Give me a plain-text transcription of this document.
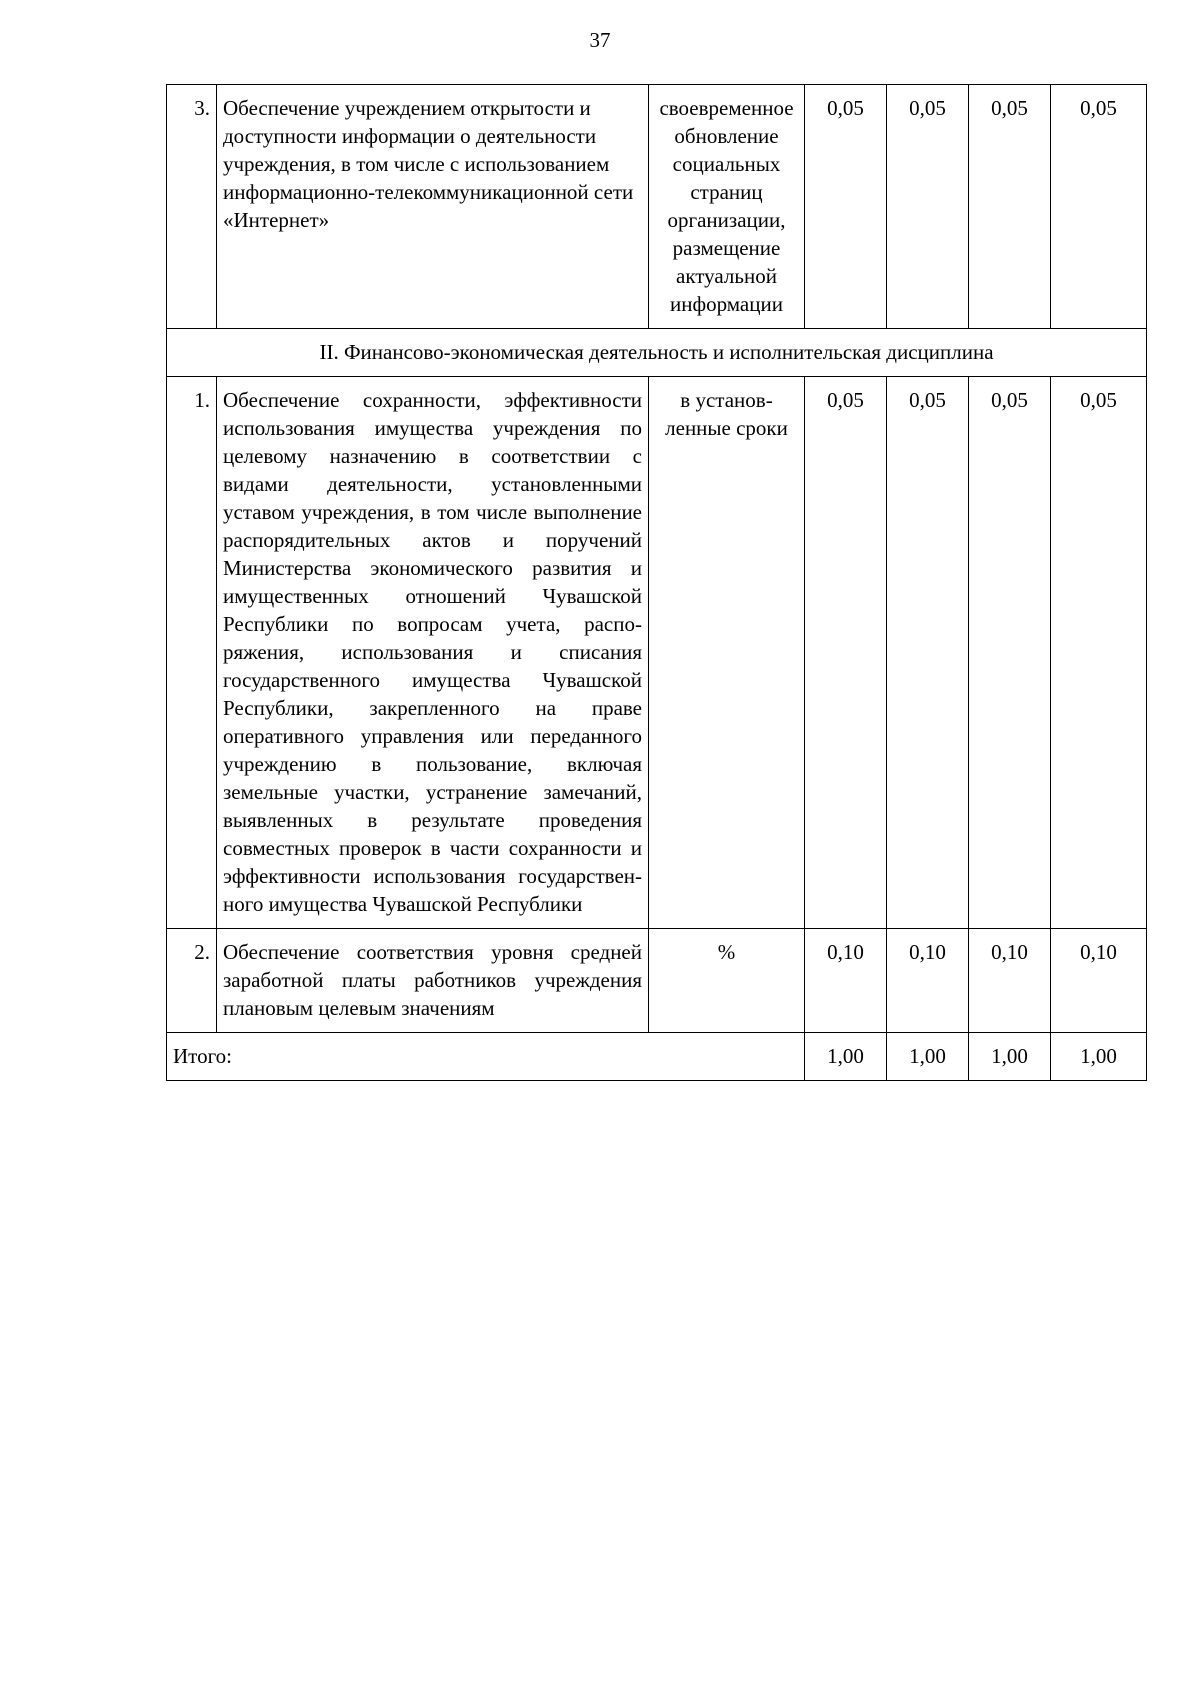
37
3.	Обеспечение учреждением открытости и доступности информации о деятельности учреждения, в том числе с использованием информационно-телекоммуникационной сети «Интернет»	своевременное обновление социальных страниц организации, размещение актуальной информации	0,05	0,05	0,05	0,05
II. Финансово-экономическая деятельность и исполнительская дисциплина						
1.	Обеспечение сохранности, эффективности использования имущества учреждения по целевому назначению в соответствии с видами деятельности, установленными уставом учреждения, в том числе выполнение распорядительных актов и поручений Министерства экономического развития и имущественных отношений Чувашской Республики по вопросам учета, распоряжения, использования и списания государственного имущества Чувашской Республики, закрепленного на праве оперативного управления или переданного учреждению в пользование, включая земельные участки, устранение замечаний, выявленных в результате проведения совместных проверок в части сохранности и эффективности использования государственного имущества Чувашской Республики	в установленные сроки	0,05	0,05	0,05	0,05
2.	Обеспечение соответствия уровня средней заработной платы работников учреждения плановым целевым значениям	%	0,10	0,10	0,10	0,10
Итого:			1,00	1,00	1,00	1,00
